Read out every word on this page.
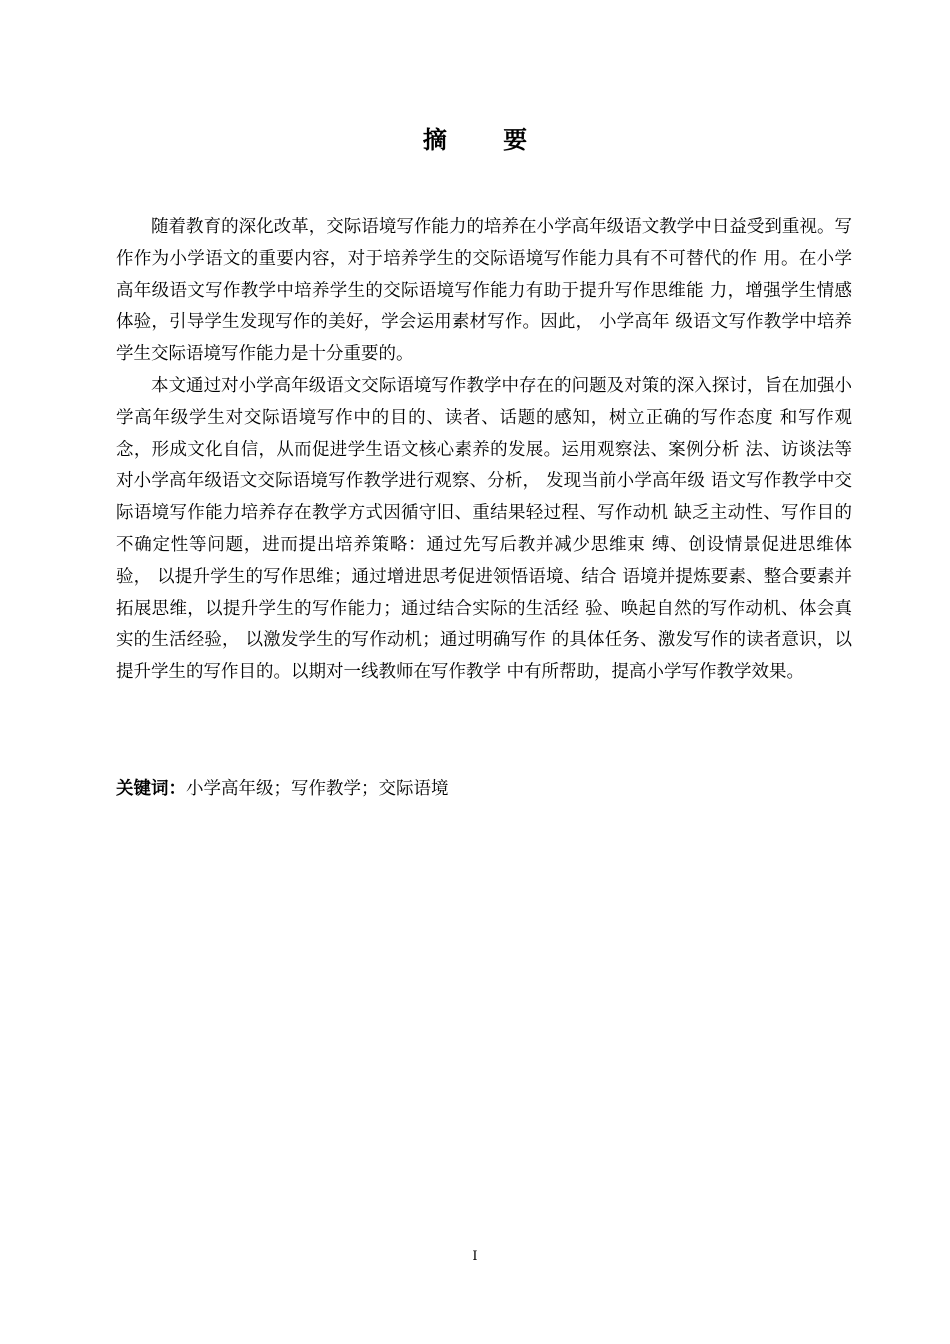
摘 要

随着教育的深化改革，交际语境写作能力的培养在小学高年级语文教学中日益受到重视。写作作为小学语文的重要内容，对于培养学生的交际语境写作能力具有不可替代的作 用。在小学高年级语文写作教学中培养学生的交际语境写作能力有助于提升写作思维能 力，增强学生情感体验，引导学生发现写作的美好，学会运用素材写作。因此， 小学高年 级语文写作教学中培养学生交际语境写作能力是十分重要的。

本文通过对小学高年级语文交际语境写作教学中存在的问题及对策的深入探讨，旨在加强小学高年级学生对交际语境写作中的目的、读者、话题的感知，树立正确的写作态度 和写作观念，形成文化自信，从而促进学生语文核心素养的发展。运用观察法、案例分析 法、访谈法等对小学高年级语文交际语境写作教学进行观察、分析， 发现当前小学高年级 语文写作教学中交际语境写作能力培养存在教学方式因循守旧、重结果轻过程、写作动机 缺乏主动性、写作目的不确定性等问题，进而提出培养策略：通过先写后教并减少思维束 缚、创设情景促进思维体验， 以提升学生的写作思维；通过增进思考促进领悟语境、结合 语境并提炼要素、整合要素并拓展思维，以提升学生的写作能力；通过结合实际的生活经 验、唤起自然的写作动机、体会真实的生活经验， 以激发学生的写作动机；通过明确写作 的具体任务、激发写作的读者意识，以提升学生的写作目的。以期对一线教师在写作教学 中有所帮助，提高小学写作教学效果。

关键词：小学高年级；写作教学；交际语境
I
